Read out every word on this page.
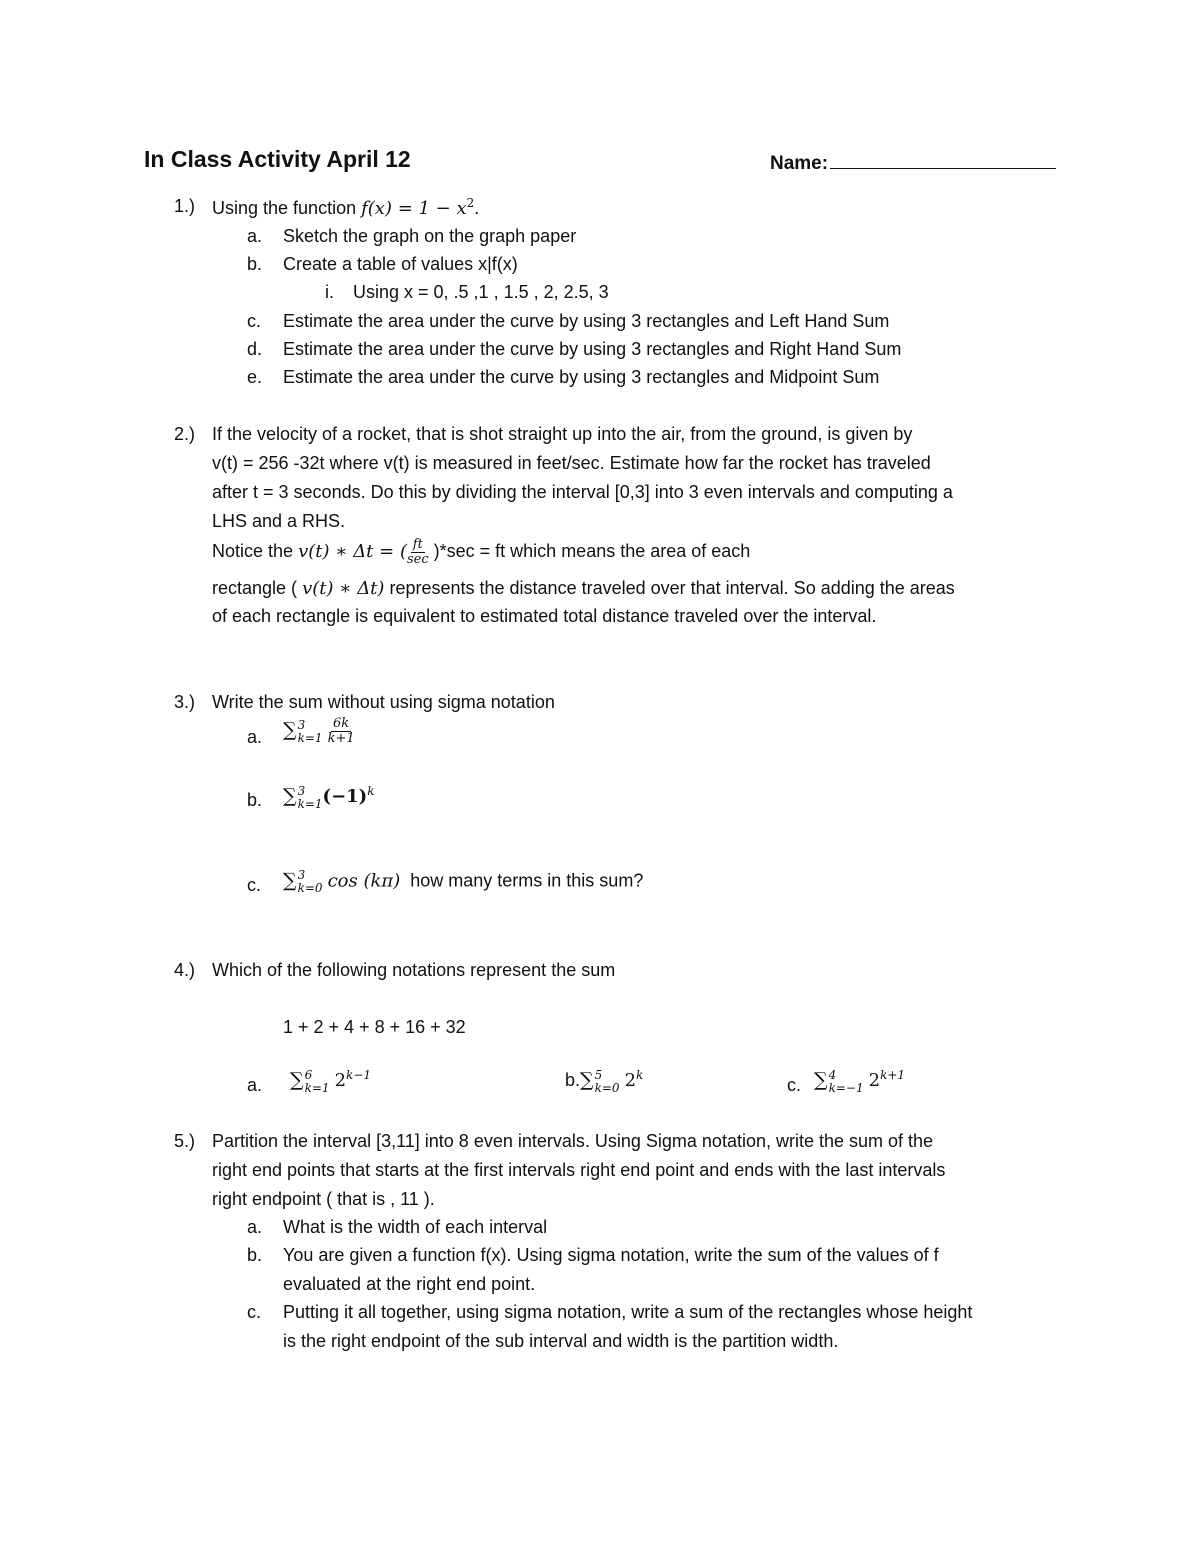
In Class Activity April 12	Name:
1.) Using the function $f(x) = 1 - x^2$.
a. Sketch the graph on the graph paper
b. Create a table of values x|f(x)
i. Using x = 0, .5 ,1 , 1.5 , 2, 2.5, 3
c. Estimate the area under the curve by using 3 rectangles and Left Hand Sum
d. Estimate the area under the curve by using 3 rectangles and Right Hand Sum
e. Estimate the area under the curve by using 3 rectangles and Midpoint Sum
2.) If the velocity of a rocket, that is shot straight up into the air, from the ground, is given by
v(t) = 256 -32t where v(t) is measured in feet/sec. Estimate how far the rocket has traveled
after t = 3 seconds. Do this by dividing the interval [0,3] into 3 even intervals and computing a
LHS and a RHS.
Notice the v(t) ∗ Δt = ( $\frac{ft}{\sec} )*\sec$ = ft which means the area of each
rectangle ( v(t) ∗ Δt) represents the distance traveled over that interval. So adding the areas
of each rectangle is equivalent to estimated total distance traveled over the interval.
3.) Write the sum without using sigma notation
a. ∑ 3
k=1
$\frac{6k}{k+1}$
b. ∑ 3
k=1 $(-1)^k$
c. ∑ 3
k=0 cos (kπ) how many terms in this sum?
4.) Which of the following notations represent the sum
1 + 2 + 4 + 8 + 16 + 32
a. ∑ 6
k=1 $2^{k-1}$	b.∑ 5
k=0 2$^k$	c. ∑ 4
k=−1 $2^{k+1}$
5.) Partition the interval [3,11] into 8 even intervals. Using Sigma notation, write the sum of the
right end points that starts at the first intervals right end point and ends with the last intervals
right endpoint ( that is , 11 ).
a. What is the width of each interval
b. You are given a function f(x). Using sigma notation, write the sum of the values of f
evaluated at the right end point.
c. Putting it all together, using sigma notation, write a sum of the rectangles whose height
is the right endpoint of the sub interval and width is the partition width.
